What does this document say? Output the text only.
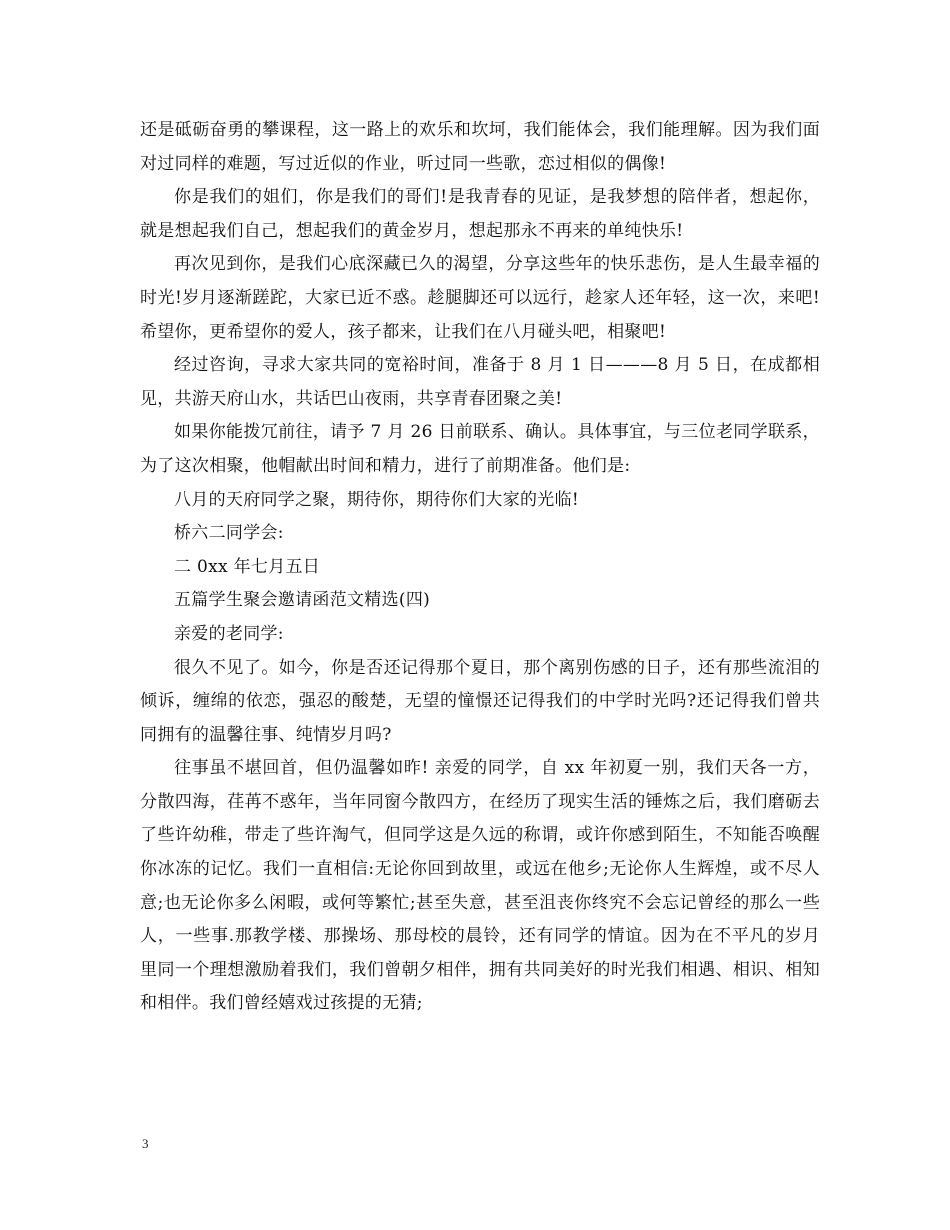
还是砥砺奋勇的攀课程，这一路上的欢乐和坎坷，我们能体会，我们能理解。因为我们面对过同样的难题，写过近似的作业，听过同一些歌，恋过相似的偶像!

你是我们的姐们，你是我们的哥们!是我青春的见证，是我梦想的陪伴者，想起你，就是想起我们自己，想起我们的黄金岁月，想起那永不再来的单纯快乐!

再次见到你，是我们心底深藏已久的渴望，分享这些年的快乐悲伤，是人生最幸福的时光!岁月逐渐蹉跎，大家已近不惑。趁腿脚还可以远行，趁家人还年轻，这一次，来吧!希望你，更希望你的爱人，孩子都来，让我们在八月碰头吧，相聚吧!

经过咨询，寻求大家共同的宽裕时间，准备于 8 月 1 日———8 月 5 日，在成都相见，共游天府山水，共话巴山夜雨，共享青春团聚之美!

如果你能拨冗前往，请予 7 月 26 日前联系、确认。具体事宜，与三位老同学联系，为了这次相聚，他帽献出时间和精力，进行了前期准备。他们是:

八月的天府同学之聚，期待你，期待你们大家的光临!

桥六二同学会:

二 0xx 年七月五日

五篇学生聚会邀请函范文精选(四)

亲爱的老同学:

很久不见了。如今，你是否还记得那个夏日，那个离别伤感的日子，还有那些流泪的倾诉，缠绵的依恋，强忍的酸楚，无望的憧憬还记得我们的中学时光吗?还记得我们曾共同拥有的温馨往事、纯情岁月吗?

往事虽不堪回首，但仍温馨如昨! 亲爱的同学，自 xx 年初夏一别，我们天各一方，分散四海，荏苒不惑年，当年同窗今散四方，在经历了现实生活的锤炼之后，我们磨砺去了些许幼稚，带走了些许淘气，但同学这是久远的称谓，或许你感到陌生，不知能否唤醒你冰冻的记忆。我们一直相信:无论你回到故里，或远在他乡;无论你人生辉煌，或不尽人意;也无论你多么闲暇，或何等繁忙;甚至失意，甚至沮丧你终究不会忘记曾经的那么一些人，一些事.那教学楼、那操场、那母校的晨铃，还有同学的情谊。因为在不平凡的岁月里同一个理想激励着我们，我们曾朝夕相伴，拥有共同美好的时光我们相遇、相识、相知和相伴。我们曾经嬉戏过孩提的无猜;

3
